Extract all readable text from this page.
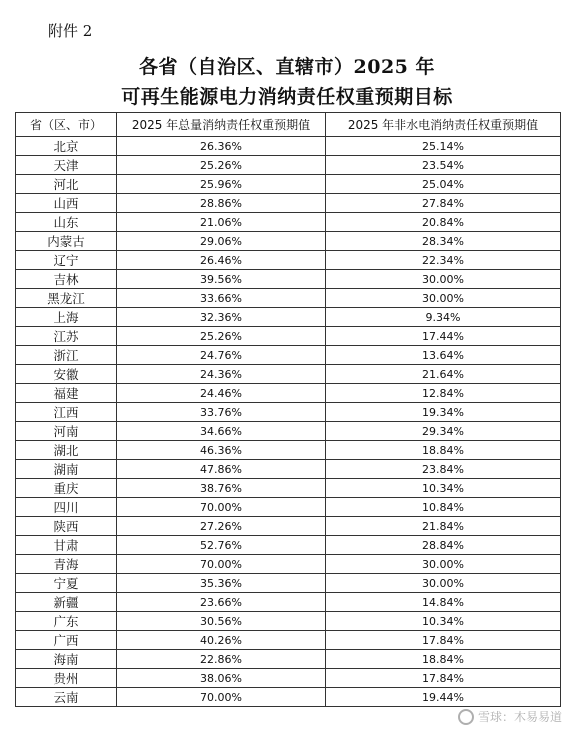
附件 2
各省（自治区、直辖市）2025 年
可再生能源电力消纳责任权重预期目标
省（区、市）	2025 年总量消纳责任权重预期值	2025 年非水电消纳责任权重预期值
北京	26.36%	25.14%
天津	25.26%	23.54%
河北	25.96%	25.04%
山西	28.86%	27.84%
山东	21.06%	20.84%
内蒙古	29.06%	28.34%
辽宁	26.46%	22.34%
吉林	39.56%	30.00%
黑龙江	33.66%	30.00%
上海	32.36%	9.34%
江苏	25.26%	17.44%
浙江	24.76%	13.64%
安徽	24.36%	21.64%
福建	24.46%	12.84%
江西	33.76%	19.34%
河南	34.66%	29.34%
湖北	46.36%	18.84%
湖南	47.86%	23.84%
重庆	38.76%	10.34%
四川	70.00%	10.84%
陕西	27.26%	21.84%
甘肃	52.76%	28.84%
青海	70.00%	30.00%
宁夏	35.36%	30.00%
新疆	23.66%	14.84%
广东	30.56%	10.34%
广西	40.26%	17.84%
海南	22.86%	18.84%
贵州	38.06%	17.84%
云南	70.00%	19.44%
雪球：木易易道
